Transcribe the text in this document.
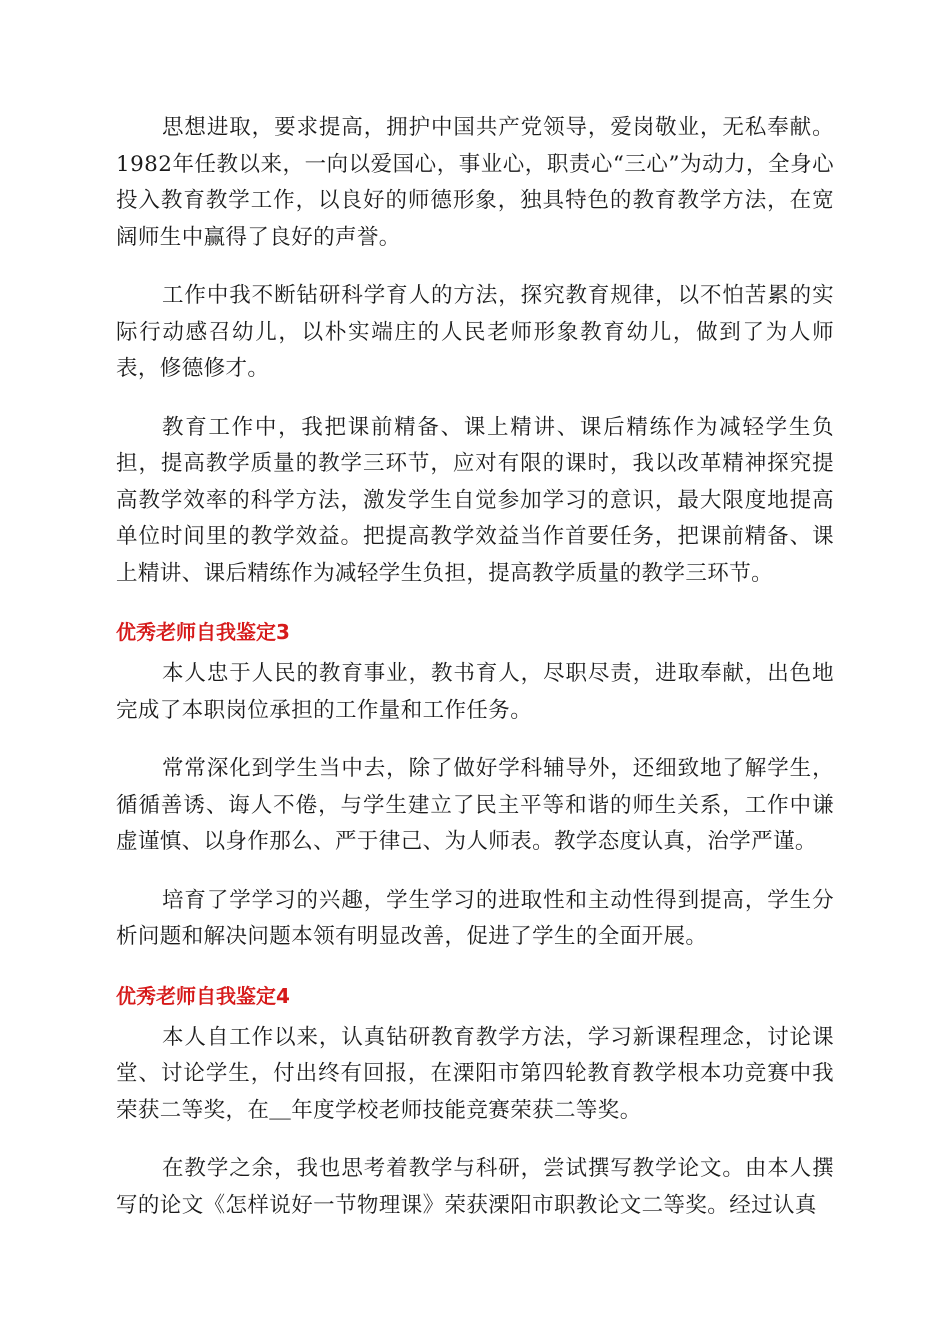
思想进取，要求提高，拥护中国共产党领导，爱岗敬业，无私奉献。1982年任教以来，一向以爱国心，事业心，职责心“三心”为动力，全身心投入教育教学工作，以良好的师德形象，独具特色的教育教学方法，在宽阔师生中赢得了良好的声誉。

工作中我不断钻研科学育人的方法，探究教育规律，以不怕苦累的实际行动感召幼儿，以朴实端庄的人民老师形象教育幼儿，做到了为人师表，修德修才。

教育工作中，我把课前精备、课上精讲、课后精练作为减轻学生负担，提高教学质量的教学三环节，应对有限的课时，我以改革精神探究提高教学效率的科学方法，激发学生自觉参加学习的意识，最大限度地提高单位时间里的教学效益。把提高教学效益当作首要任务，把课前精备、课上精讲、课后精练作为减轻学生负担，提高教学质量的教学三环节。

优秀老师自我鉴定3

本人忠于人民的教育事业，教书育人，尽职尽责，进取奉献，出色地完成了本职岗位承担的工作量和工作任务。

常常深化到学生当中去，除了做好学科辅导外，还细致地了解学生，循循善诱、诲人不倦，与学生建立了民主平等和谐的师生关系，工作中谦虚谨慎、以身作那么、严于律己、为人师表。教学态度认真，治学严谨。

培育了学学习的兴趣，学生学习的进取性和主动性得到提高，学生分析问题和解决问题本领有明显改善，促进了学生的全面开展。

优秀老师自我鉴定4

本人自工作以来，认真钻研教育教学方法，学习新课程理念，讨论课堂、讨论学生，付出终有回报，在溧阳市第四轮教育教学根本功竞赛中我荣获二等奖，在＿年度学校老师技能竞赛荣获二等奖。

在教学之余，我也思考着教学与科研，尝试撰写教学论文。由本人撰写的论文《怎样说好一节物理课》荣获溧阳市职教论文二等奖。经过认真
